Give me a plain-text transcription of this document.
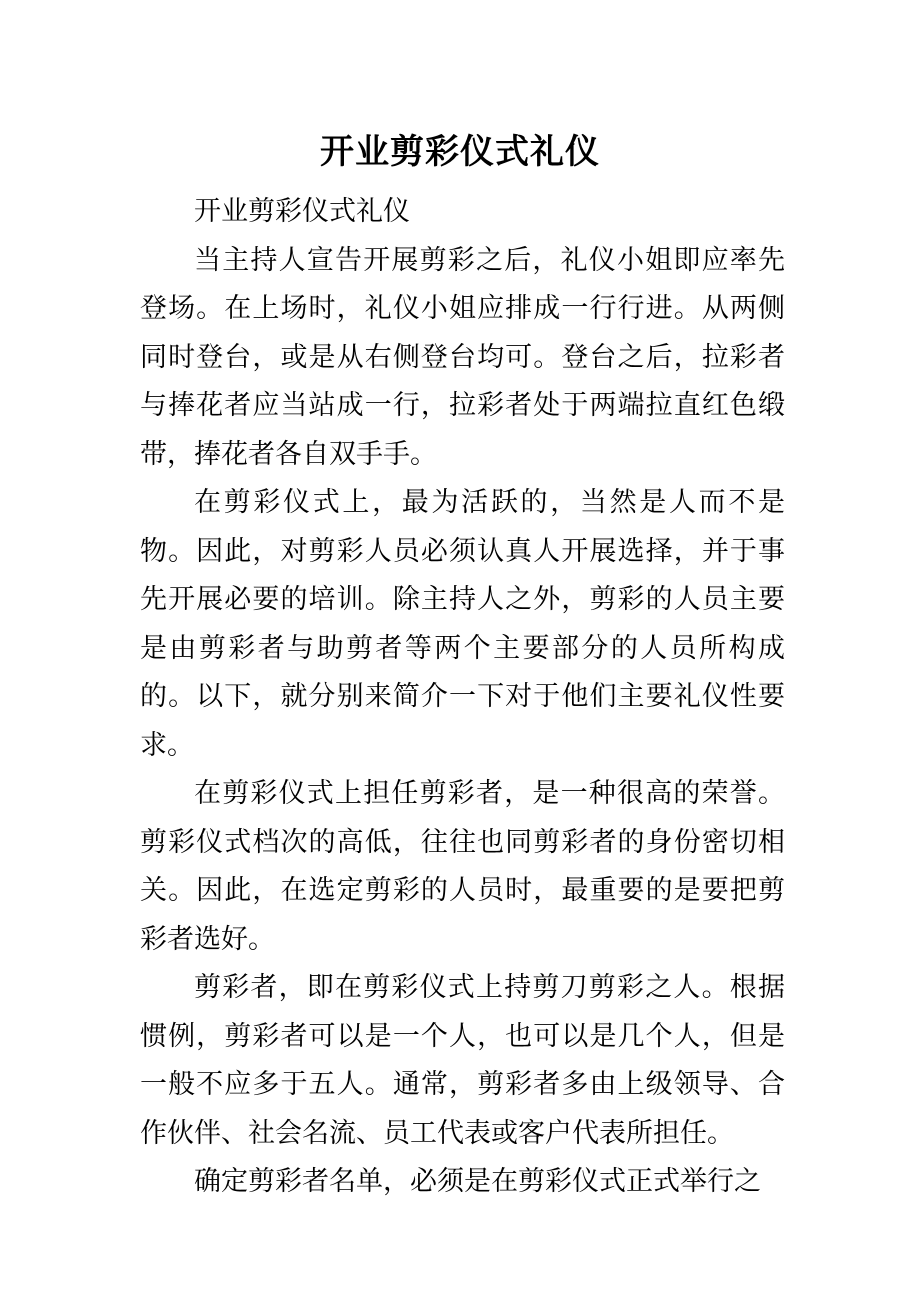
开业剪彩仪式礼仪

开业剪彩仪式礼仪

当主持人宣告开展剪彩之后，礼仪小姐即应率先登场。在上场时，礼仪小姐应排成一行行进。从两侧同时登台，或是从右侧登台均可。登台之后，拉彩者与捧花者应当站成一行，拉彩者处于两端拉直红色缎带，捧花者各自双手手。

在剪彩仪式上，最为活跃的，当然是人而不是物。因此，对剪彩人员必须认真人开展选择，并于事先开展必要的培训。除主持人之外，剪彩的人员主要是由剪彩者与助剪者等两个主要部分的人员所构成的。以下，就分别来简介一下对于他们主要礼仪性要求。

在剪彩仪式上担任剪彩者，是一种很高的荣誉。剪彩仪式档次的高低，往往也同剪彩者的身份密切相关。因此，在选定剪彩的人员时，最重要的是要把剪彩者选好。

剪彩者，即在剪彩仪式上持剪刀剪彩之人。根据惯例，剪彩者可以是一个人，也可以是几个人，但是一般不应多于五人。通常，剪彩者多由上级领导、合作伙伴、社会名流、员工代表或客户代表所担任。

确定剪彩者名单，必须是在剪彩仪式正式举行之
